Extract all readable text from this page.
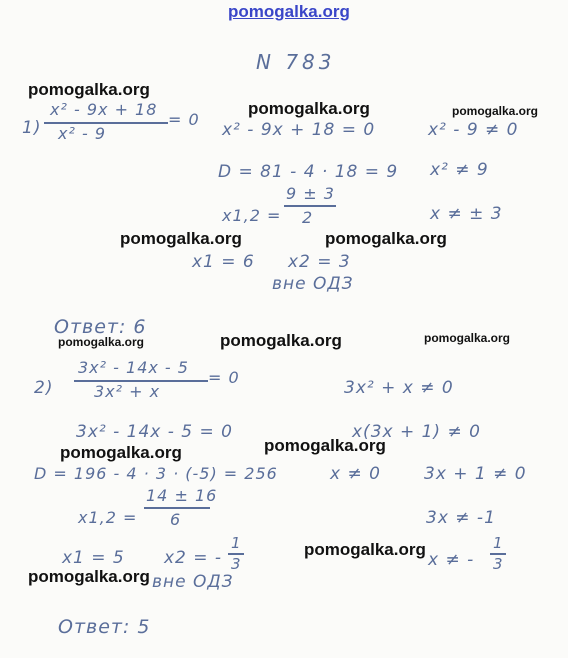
pomogalka.org
N 783
1)
x² - 9x + 18
x² - 9
= 0
x² - 9x + 18 = 0	x² - 9 ≠ 0
D = 81 - 4 · 18 = 9 x² ≠ 9
x1,2 =
9 ± 3
2	x ≠ ± 3
x1 = 6 x2 = 3
вне ОДЗ
Ответ: 6
2)
3x² - 14x - 5
3x² + x
= 0
3x² + x ≠ 0
3x² - 14x - 5 = 0	x(3x + 1) ≠ 0
D = 196 - 4 · 3 · (-5) = 256	x ≠ 0	3x + 1 ≠ 0
x1,2 =
14 ± 16
6	3x ≠ -1
x1 = 5 x2 = -
1
3	x ≠ -
1
3
вне ОДЗ
Ответ: 5
pomogalka.org
pomogalka.org	pomogalka.org
pomogalka.org	pomogalka.org
pomogalka.org	pomogalka.org	pomogalka.org
pomogalka.org
pomogalka.org
pomogalka.org
pomogalka.org
